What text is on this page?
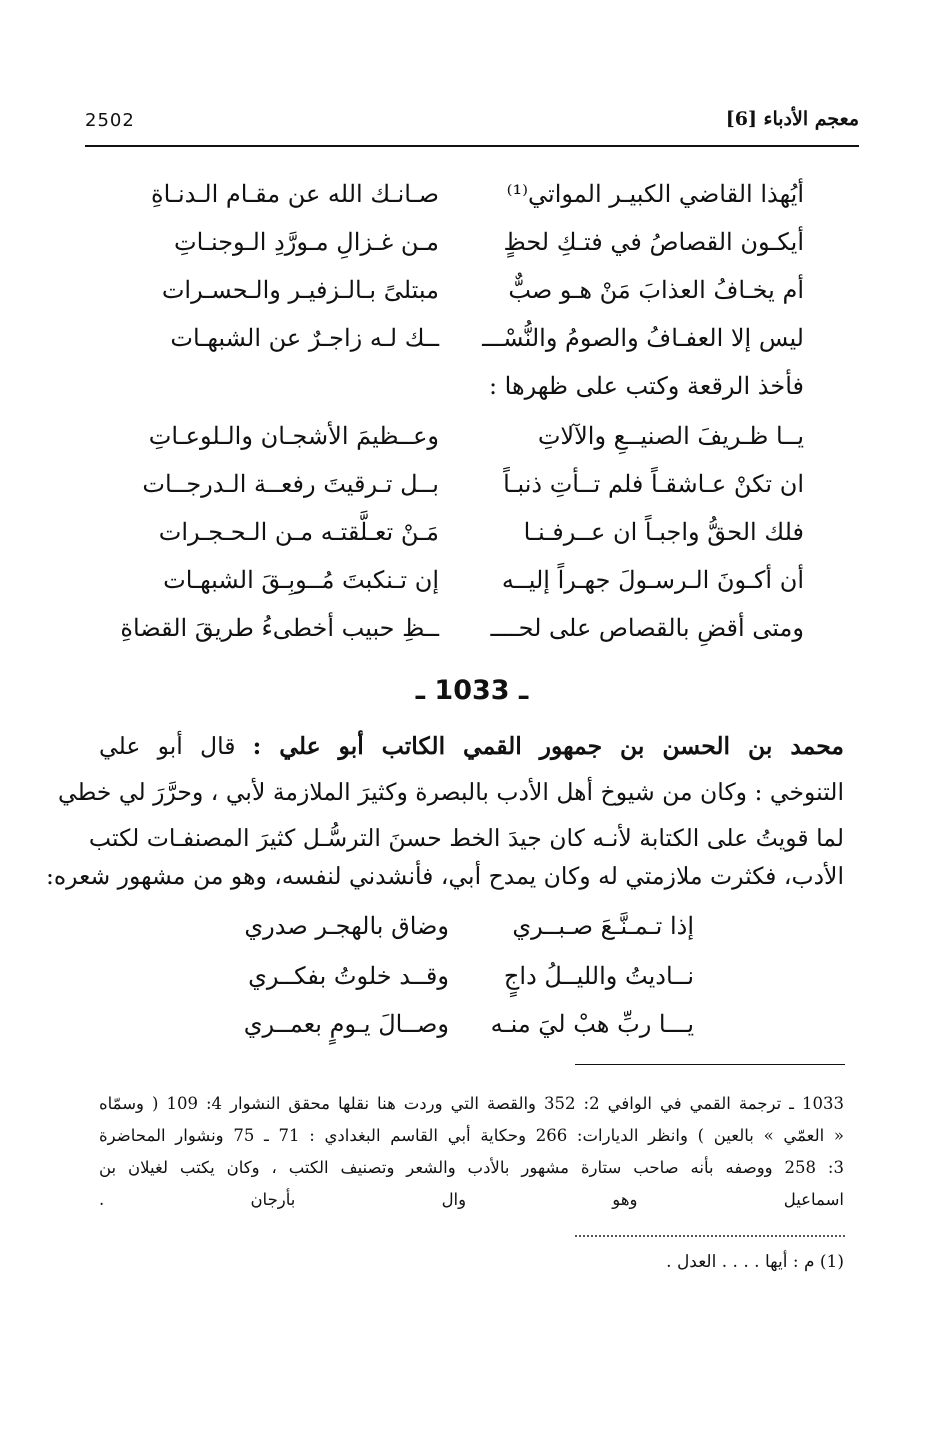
2502	معجم الأدباء [6]
أيُهذا القاضي الكبيـر المواتي⁽¹⁾
صـانـك الله عن مقـام الـدنـاةِ
أيكـون القصاصُ في فتـكِ لحظٍ
مـن غـزالِ مـورَّدِ الـوجنـاتِ
أم يخـافُ العذابَ مَنْ هـو صبٌّ
مبتلىً بـالـزفيـر والـحسـرات
ليس إلا العفـافُ والصومُ والنُّسْـــ
ــك لـه زاجـرٌ عن الشبهـات
فأخذ الرقعة وكتب على ظهرها :
يــا ظـريفَ الصنيــعِ والآلاتِ
وعــظيمَ الأشجـان والـلوعـاتِ
ان تكنْ عـاشقـاً فلم تــأتِ ذنبـاً
بــل تـرقيتَ رفعــة الـدرجــات
فلك الحقُّ واجبـاً ان عــرفـنـا
مَـنْ تعـلَّقتـه مـن الـحـجـرات
أن أكـونَ الـرسـولَ جهـراً إليــه
إن تـنكبتَ مُــوبِـقَ الشبهـات
ومتى أقضِ بالقصاص على لحــــ
ــظِ حبيب أخطىءُ طريقَ القضاةِ
ـ 1033 ـ
محمد بن الحسن بن جمهور القمي الكاتب أبو علي : قال أبو علي
التنوخي : وكان من شيوخ أهل الأدب بالبصرة وكثيرَ الملازمة لأبي ، وحرَّرَ لي خطي
لما قويتُ على الكتابة لأنـه كان جيدَ الخط حسنَ الترسُّـل كثيرَ المصنفـات لكتب
الأدب، فكثرت ملازمتي له وكان يمدح أبي، فأنشدني لنفسه، وهو من مشهور شعره:
إذا تـمـنَّـعَ صـبــري
وضاق بالهجـر صدري
نــاديتُ والليــلُ داجٍ
وقــد خلوتُ بفكــري
يـــا ربِّ هبْ ليَ منـه
وصــالَ يـومٍ بعمــري
1033 ـ ترجمة القمي في الوافي 2: 352 والقصة التي وردت هنا نقلها محقق النشوار 4: 109 ( وسمّاه
« العمّي » بالعين ) وانظر الديارات: 266 وحكاية أبي القاسم البغدادي : 71 ـ 75 ونشوار المحاضرة
3: 258 ووصفه بأنه صاحب ستارة مشهور بالأدب والشعر وتصنيف الكتب ، وكان يكتب لغيلان بن
اسماعيل وهو وال بأرجان .
(1) م : أيها . . . . العدل .
